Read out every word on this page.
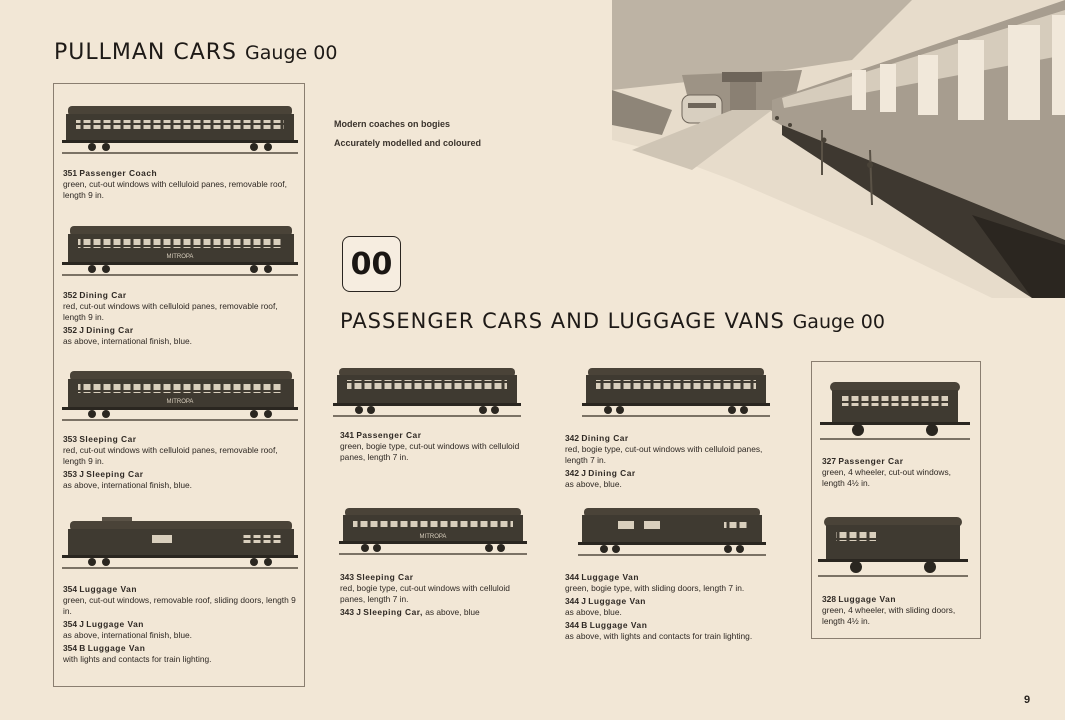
PULLMAN CARS Gauge 00

351 Passenger Coach
green, cut-out windows with celluloid panes, removable roof, length 9 in.

MITROPA

352 Dining Car
red, cut-out windows with celluloid panes, removable roof, length 9 in.

352 J Dining Car
as above, international finish, blue.

MITROPA

353 Sleeping Car
red, cut-out windows with celluloid panes, removable roof, length 9 in.

353 J Sleeping Car
as above, international finish, blue.

354 Luggage Van
green, cut-out windows, removable roof, sliding doors, length 9 in.

354 J Luggage Van
as above, international finish, blue.

354 B Luggage Van
with lights and contacts for train lighting.

Modern coaches on bogies
Accurately modelled and coloured
00
PASSENGER CARS AND LUGGAGE VANS Gauge 00

341 Passenger Car
green, bogie type, cut-out windows with celluloid panes, length 7 in.

342 Dining Car
red, bogie type, cut-out windows with celluloid panes, length 7 in.

342 J Dining Car
as above, blue.

327 Passenger Car
green, 4 wheeler, cut-out windows, length 4½ in.

MITROPA

343 Sleeping Car
red, bogie type, cut-out windows with celluloid panes, length 7 in.

343 J Sleeping Car, as above, blue

344 Luggage Van
green, bogie type, with sliding doors, length 7 in.

344 J Luggage Van
as above, blue.

344 B Luggage Van
as above, with lights and contacts for train lighting.

328 Luggage Van
green, 4 wheeler, with sliding doors, length 4½ in.

9
